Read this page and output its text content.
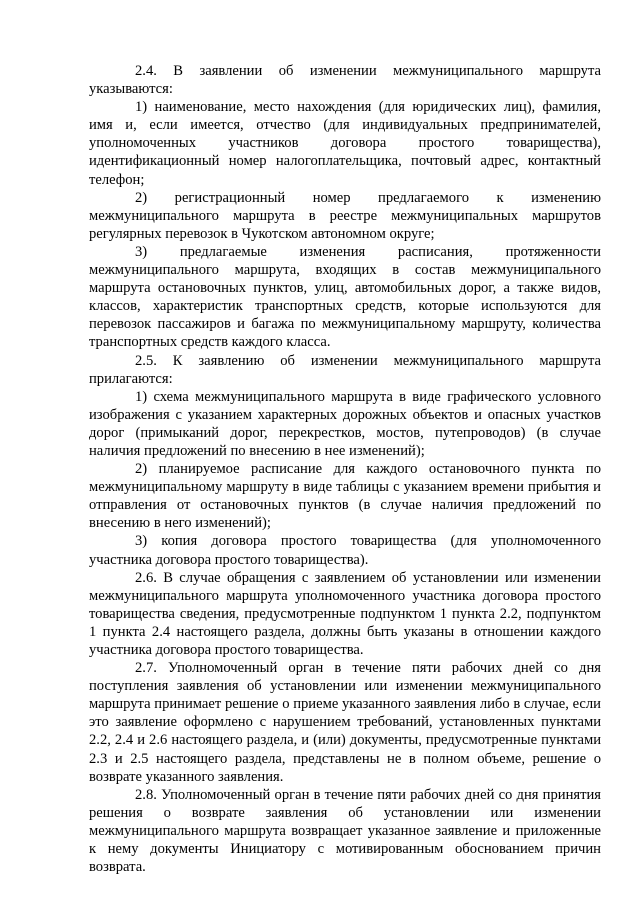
2.4. В заявлении об изменении межмуниципального маршрута указываются:

1) наименование, место нахождения (для юридических лиц), фамилия, имя и, если имеется, отчество (для индивидуальных предпринимателей, уполномоченных участников договора простого товарищества), идентификационный номер налогоплательщика, почтовый адрес, контактный телефон;

2) регистрационный номер предлагаемого к изменению межмуниципального маршрута в реестре межмуниципальных маршрутов регулярных перевозок в Чукотском автономном округе;

3) предлагаемые изменения расписания, протяженности межмуниципального маршрута, входящих в состав межмуниципального маршрута остановочных пунктов, улиц, автомобильных дорог, а также видов, классов, характеристик транспортных средств, которые используются для перевозок пассажиров и багажа по межмуниципальному маршруту, количества транспортных средств каждого класса.

2.5. К заявлению об изменении межмуниципального маршрута прилагаются:

1) схема межмуниципального маршрута в виде графического условного изображения с указанием характерных дорожных объектов и опасных участков дорог (примыканий дорог, перекрестков, мостов, путепроводов) (в случае наличия предложений по внесению в нее изменений);

2) планируемое расписание для каждого остановочного пункта по межмуниципальному маршруту в виде таблицы с указанием времени прибытия и отправления от остановочных пунктов (в случае наличия предложений по внесению в него изменений);

3) копия договора простого товарищества (для уполномоченного участника договора простого товарищества).

2.6. В случае обращения с заявлением об установлении или изменении межмуниципального маршрута уполномоченного участника договора простого товарищества сведения, предусмотренные подпунктом 1 пункта 2.2, подпунктом 1 пункта 2.4 настоящего раздела, должны быть указаны в отношении каждого участника договора простого товарищества.

2.7. Уполномоченный орган в течение пяти рабочих дней со дня поступления заявления об установлении или изменении межмуниципального маршрута принимает решение о приеме указанного заявления либо в случае, если это заявление оформлено с нарушением требований, установленных пунктами 2.2, 2.4 и 2.6 настоящего раздела, и (или) документы, предусмотренные пунктами 2.3 и 2.5 настоящего раздела, представлены не в полном объеме, решение о возврате указанного заявления.

2.8. Уполномоченный орган в течение пяти рабочих дней со дня принятия решения о возврате заявления об установлении или изменении межмуниципального маршрута возвращает указанное заявление и приложенные к нему документы Инициатору с мотивированным обоснованием причин возврата.
